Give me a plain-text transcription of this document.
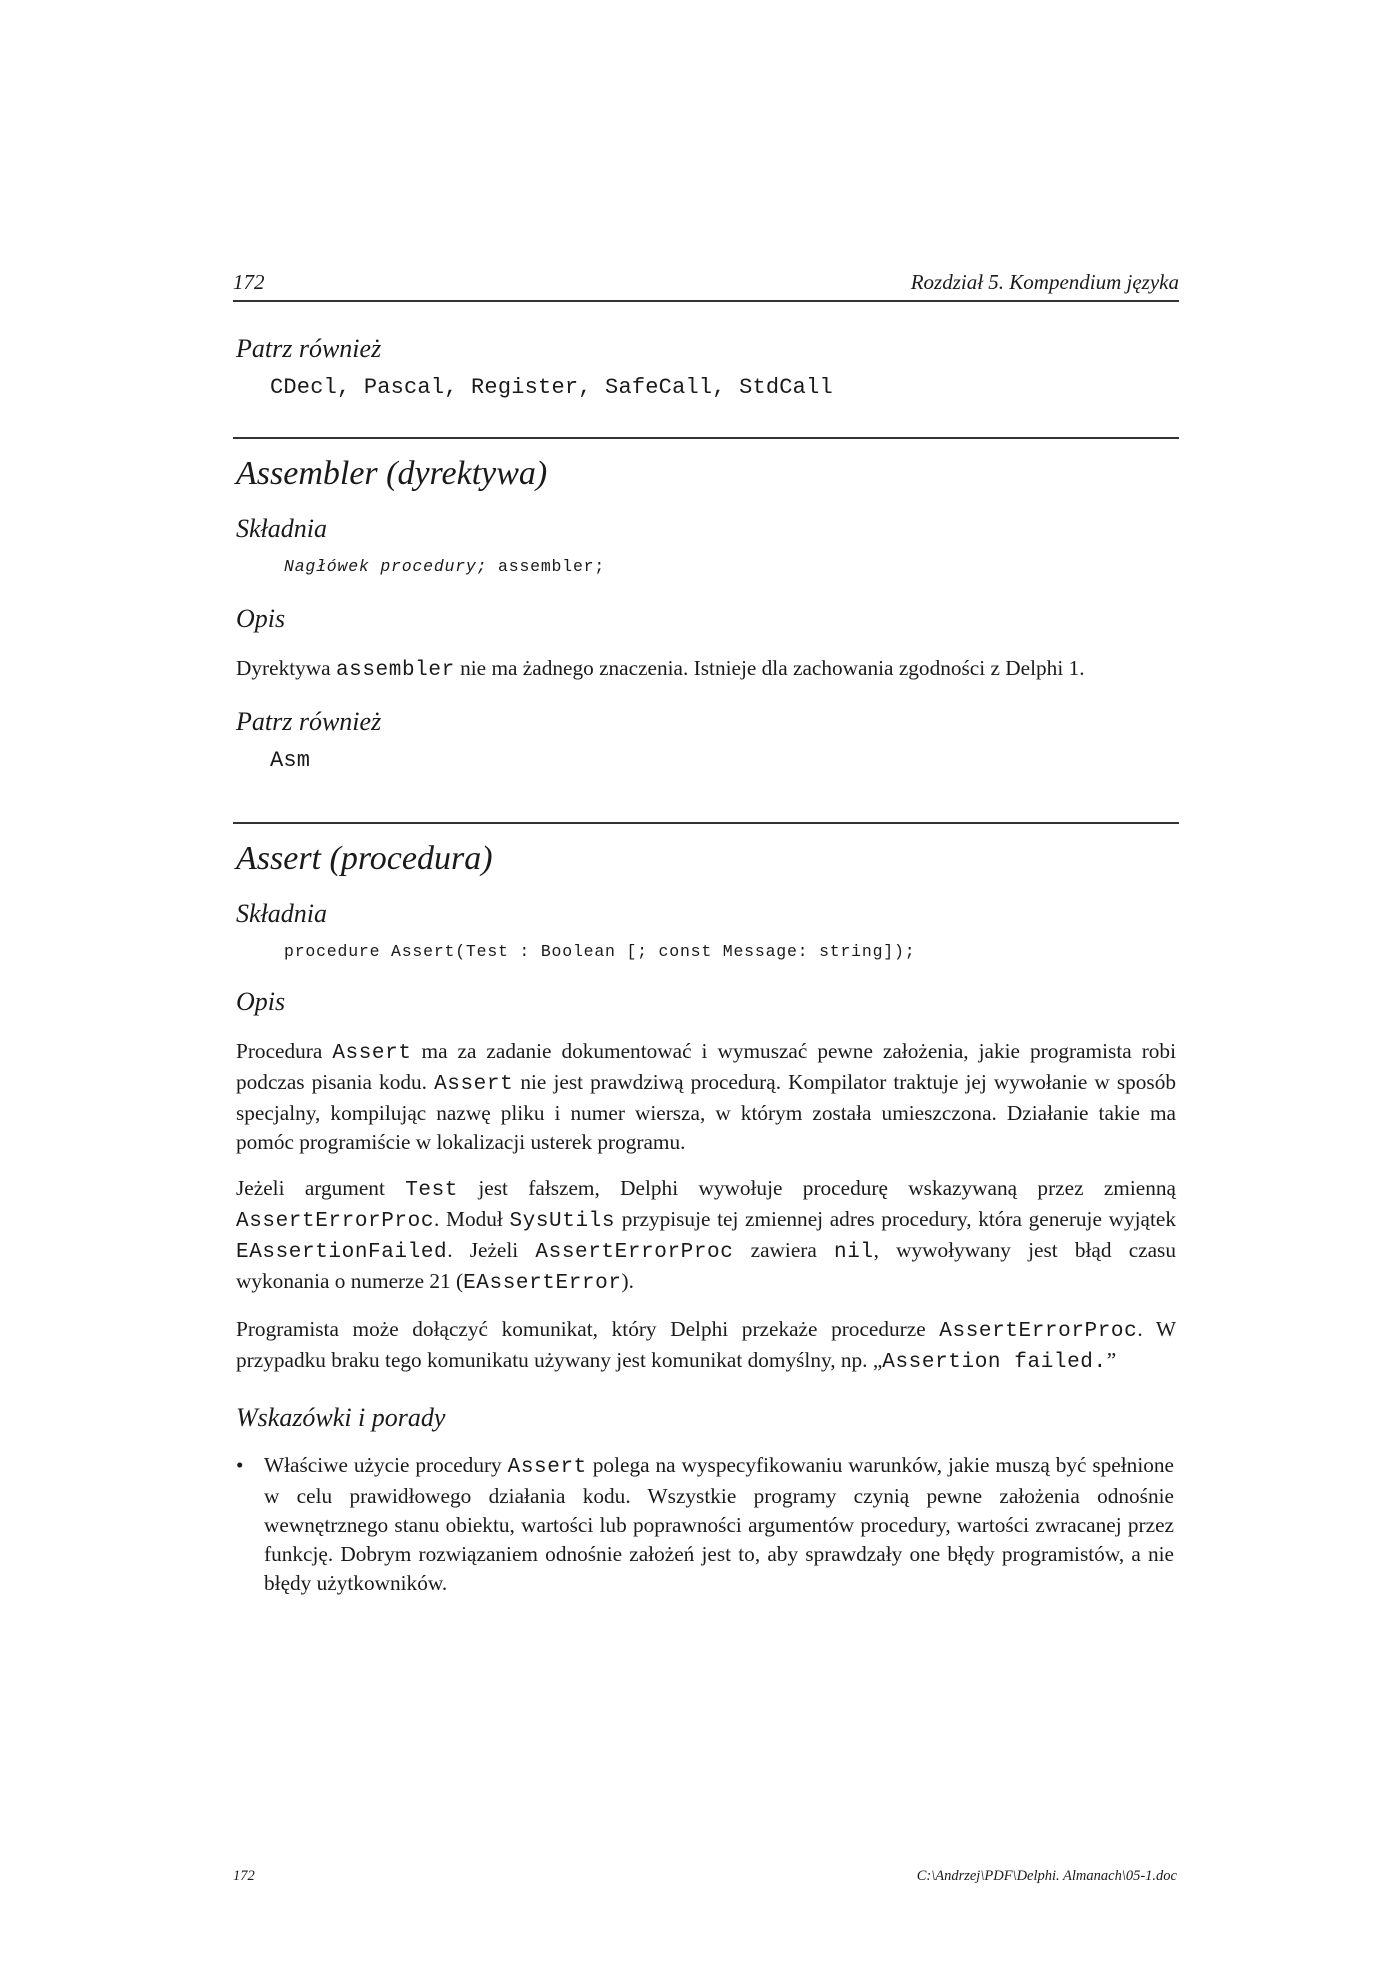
172	Rozdział 5. Kompendium języka
Patrz również
CDecl, Pascal, Register, SafeCall, StdCall
Assembler (dyrektywa)
Składnia
Nagłówek procedury; assembler;
Opis
Dyrektywa assembler nie ma żadnego znaczenia. Istnieje dla zachowania zgodności z Delphi 1.
Patrz również
Asm
Assert (procedura)
Składnia
procedure Assert(Test : Boolean [; const Message: string]);
Opis
Procedura Assert ma za zadanie dokumentować i wymuszać pewne założenia, jakie programista robi podczas pisania kodu. Assert nie jest prawdziwą procedurą. Kompilator traktuje jej wywołanie w sposób specjalny, kompilując nazwę pliku i numer wiersza, w którym została umieszczona. Działanie takie ma pomóc programiście w lokalizacji usterek programu.
Jeżeli argument Test jest fałszem, Delphi wywołuje procedurę wskazywaną przez zmienną AssertErrorProc. Moduł SysUtils przypisuje tej zmiennej adres procedury, która generuje wyjątek EAssertionFailed. Jeżeli AssertErrorProc zawiera nil, wywoływany jest błąd czasu wykonania o numerze 21 (EAssertError).
Programista może dołączyć komunikat, który Delphi przekaże procedurze AssertErrorProc. W przypadku braku tego komunikatu używany jest komunikat domyślny, np. „Assertion failed.”
Wskazówki i porady
• Właściwe użycie procedury Assert polega na wyspecyfikowaniu warunków, jakie muszą być spełnione w celu prawidłowego działania kodu. Wszystkie programy czynią pewne założenia odnośnie wewnętrznego stanu obiektu, wartości lub poprawności argumentów procedury, wartości zwracanej przez funkcję. Dobrym rozwiązaniem odnośnie założeń jest to, aby sprawdzały one błędy programistów, a nie błędy użytkowników.
172	C:\Andrzej\PDF\Delphi. Almanach\05-1.doc
